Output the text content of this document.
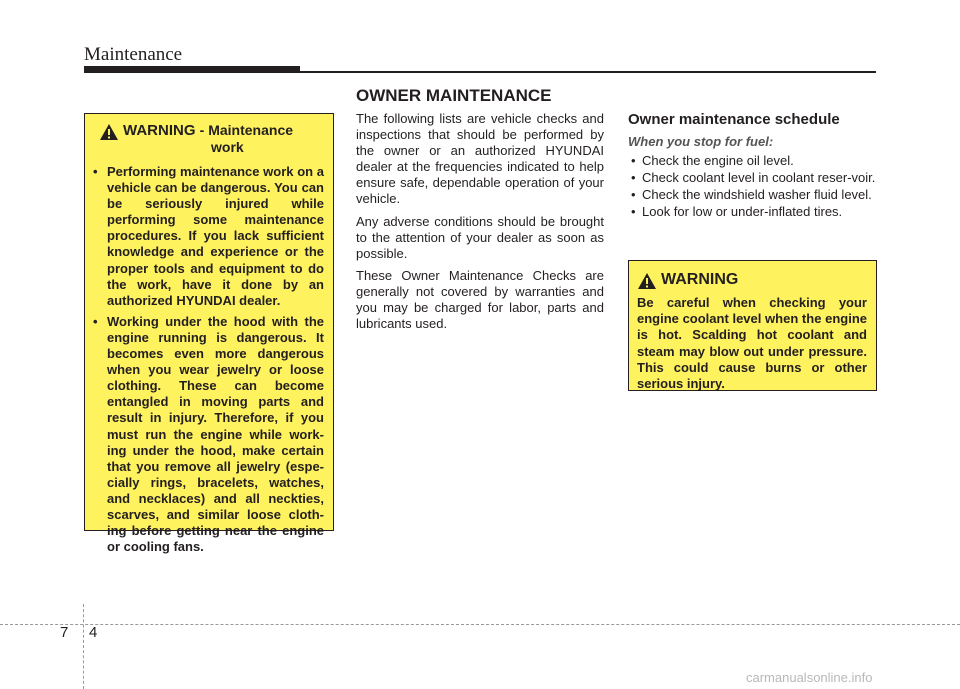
Maintenance
OWNER MAINTENANCE
WARNING - Maintenance
work
• Performing maintenance work on a vehicle can be dangerous. You can be seriously injured while performing some maintenance procedures. If you lack sufficient knowledge and experience or the proper tools and equipment to do the work, have it done by an authorized HYUNDAI dealer.
• Working under the hood with the engine running is dangerous. It becomes even more dangerous when you wear jewelry or loose clothing. These can become entangled in moving parts and result in injury. Therefore, if you must run the engine while work-ing under the hood, make certain that you remove all jewelry (espe-cially rings, bracelets, watches, and necklaces) and all neckties, scarves, and similar loose cloth-ing before getting near the engine or cooling fans.

The following lists are vehicle checks and inspections that should be performed by the owner or an authorized HYUNDAI dealer at the frequencies indicated to help ensure safe, dependable operation of your vehicle.

Any adverse conditions should be brought to the attention of your dealer as soon as possible.

These Owner Maintenance Checks are generally not covered by warranties and you may be charged for labor, parts and lubricants used.

Owner maintenance schedule
When you stop for fuel:
• Check the engine oil level.
• Check coolant level in coolant reser-voir.
• Check the windshield washer fluid level.
• Look for low or under-inflated tires.
WARNING
Be careful when checking your engine coolant level when the engine is hot. Scalding hot coolant and steam may blow out under pressure. This could cause burns or other serious injury.
7 4
carmanualsonline.info
